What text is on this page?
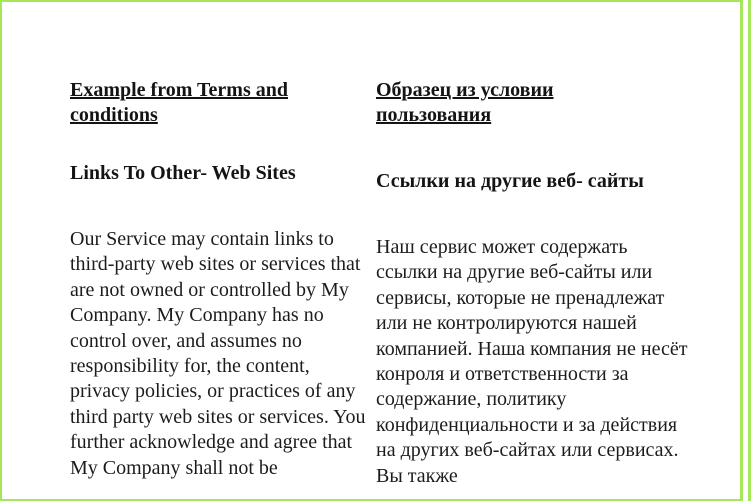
Example from Terms and
conditions

Links To Other- Web Sites

Our Service may contain links to third-party web sites or services that are not owned or controlled by My Company. My Company has no control over, and assumes no responsibility for, the content, privacy policies, or practices of any third party web sites or services. You further acknowledge and agree that My Company shall not be

Образец из условии
пользования

Ссылки на другие веб- сайты

Наш сервис может содержать ссылки на другие веб-сайты или сервисы, которые не пренадлежат или не контролируются нашей компанией. Наша компания не несёт конроля и ответственности за содержание, политику конфиденциальности и за действия на других веб-сайтах или сервисах. Вы также
